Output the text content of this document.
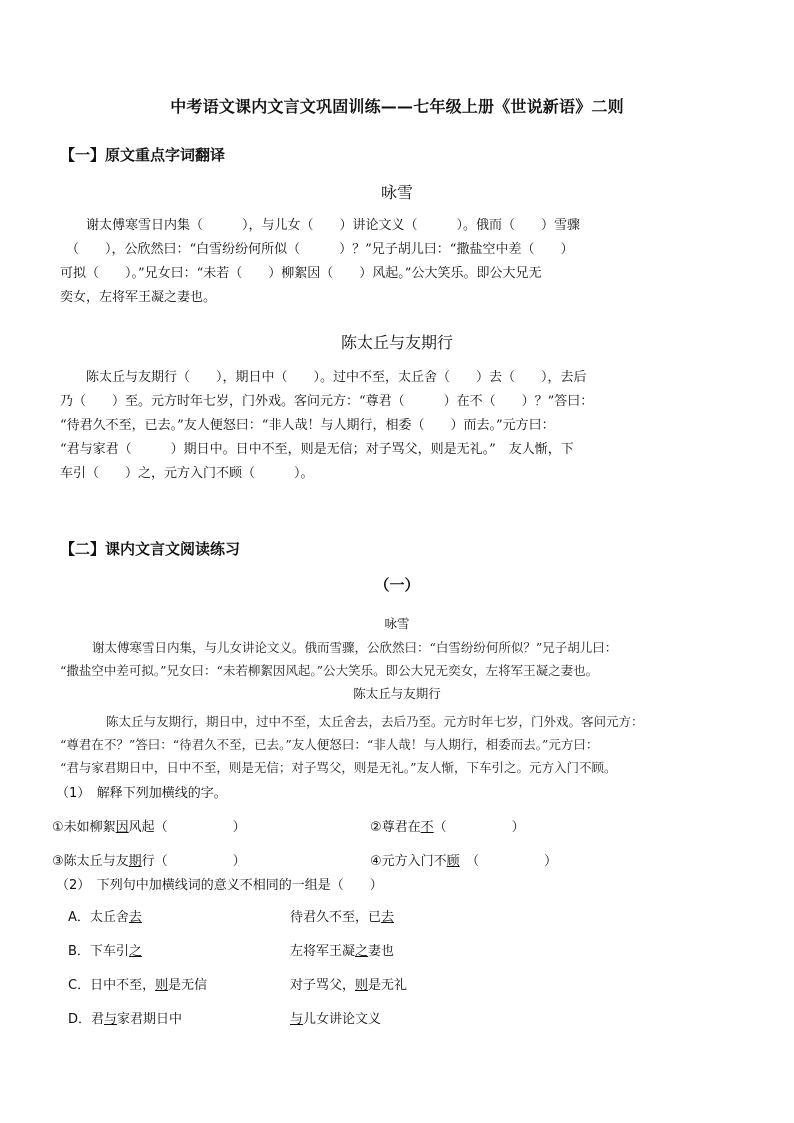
中考语文课内文言文巩固训练——七年级上册《世说新语》二则
【一】原文重点字词翻译
咏雪
谢太傅寒雪日内集（　　　），与儿女（　　）讲论文义（　　　）。俄而（　　）雪骤
（　　），公欣然曰：“白雪纷纷何所似（　　　）？”兄子胡儿曰：“撒盐空中差（　　）
可拟（　　）。”兄女曰：“未若（　　）柳絮因（　　）风起。”公大笑乐。即公大兄无
奕女，左将军王凝之妻也。
陈太丘与友期行
陈太丘与友期行（　　），期日中（　　）。过中不至，太丘舍（　　）去（　　），去后
乃（　　）至。元方时年七岁，门外戏。客问元方：“尊君（　　　）在不（　　）？”答曰：
“待君久不至，已去。”友人便怒曰：“非人哉！与人期行，相委（　　）而去。”元方曰：
“君与家君（　　　）期日中。日中不至，则是无信；对子骂父，则是无礼。”　友人惭，下
车引（　　）之，元方入门不顾（　　　）。
【二】课内文言文阅读练习
（一）
咏雪
谢太傅寒雪日内集，与儿女讲论文义。俄而雪骤，公欣然曰：“白雪纷纷何所似？”兄子胡儿曰：
“撒盐空中差可拟。”兄女曰：“未若柳絮因风起。”公大笑乐。即公大兄无奕女，左将军王凝之妻也。
陈太丘与友期行
陈太丘与友期行，期日中，过中不至，太丘舍去，去后乃至。元方时年七岁，门外戏。客问元方：
“尊君在不？”答曰：“待君久不至，已去。”友人便怒曰：“非人哉！与人期行，相委而去。”元方曰：
“君与家君期日中，日中不至，则是无信；对子骂父，则是无礼。”友人惭，下车引之。元方入门不顾。
（1）　解释下列加横线的字。
①未如柳絮因风起（　　　　　）	②尊君在不（　　　　　）
③陈太丘与友期行（　　　　　）	④元方入门不顾　（　　　　　）
（2）　下列句中加横线词的意义不相同的一组是（　　）
A．太丘舍去	待君久不至，已去
B．下车引之	左将军王凝之妻也
C．日中不至，则是无信	对子骂父，则是无礼
D．君与家君期日中	与儿女讲论文义
